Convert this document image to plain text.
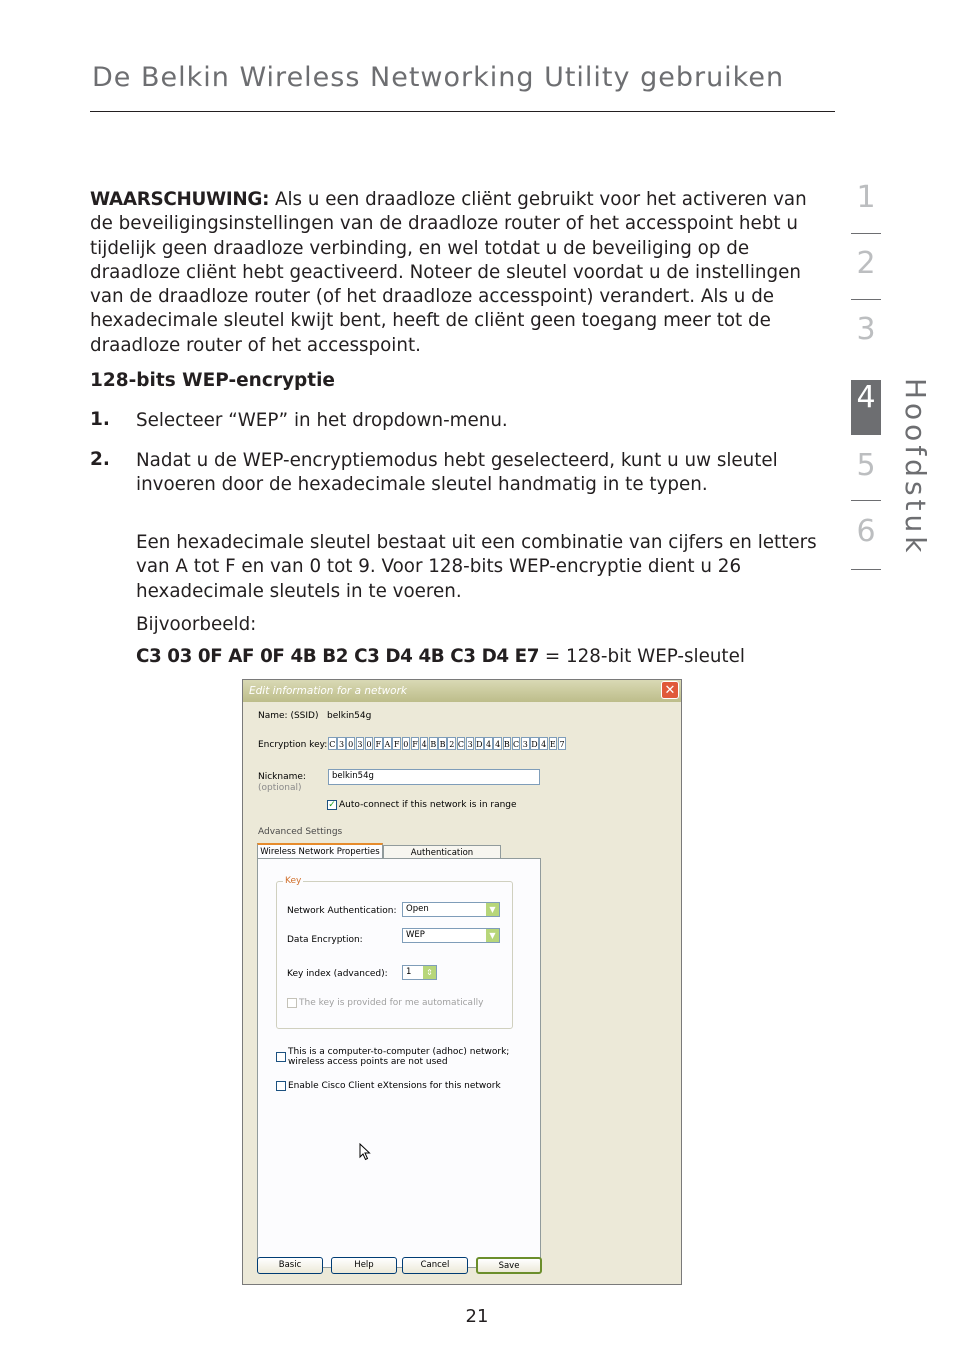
De Belkin Wireless Networking Utility gebruiken
WAARSCHUWING: Als u een draadloze cliënt gebruikt voor het activeren van de beveiligingsinstellingen van de draadloze router of het accesspoint hebt u tijdelijk geen draadloze verbinding, en wel totdat u de beveiliging op de draadloze cliënt hebt geactiveerd. Noteer de sleutel voordat u de instellingen van de draadloze router (of het draadloze accesspoint) verandert. Als u de hexadecimale sleutel kwijt bent, heeft de cliënt geen toegang meer tot de draadloze router of het accesspoint.
128-bits WEP-encryptie
1. Selecteer “WEP” in het dropdown-menu.
2. Nadat u de WEP-encryptiemodus hebt geselecteerd, kunt u uw sleutel invoeren door de hexadecimale sleutel handmatig in te typen.
Een hexadecimale sleutel bestaat uit een combinatie van cijfers en letters van A tot F en van 0 tot 9. Voor 128-bits WEP-encryptie dient u 26 hexadecimale sleutels in te voeren.
Bijvoorbeeld:
C3 03 0F AF 0F 4B B2 C3 D4 4B C3 D4 E7 = 128-bit WEP-sleutel
1
2
3
4
5
6 Hoofdstuk
Edit information for a network	✕
Name: (SSID) belkin54g
Encryption key: C 3 0 3 0 F A F 0 F 4 B B 2 C 3 D 4 4 B C 3 D 4 E 7
Nickname:
(optional)
belkin54g
✓ Auto-connect if this network is in range
Advanced Settings
Wireless Network Properties	Authentication
Key
Network Authentication:	Open	▼
Data Encryption:	WEP	▼
Key index (advanced):	1	⇕
The key is provided for me automatically
This is a computer-to-computer (adhoc) network;
wireless access points are not used
Enable Cisco Client eXtensions for this network
Basic	Help	Cancel	Save
21
